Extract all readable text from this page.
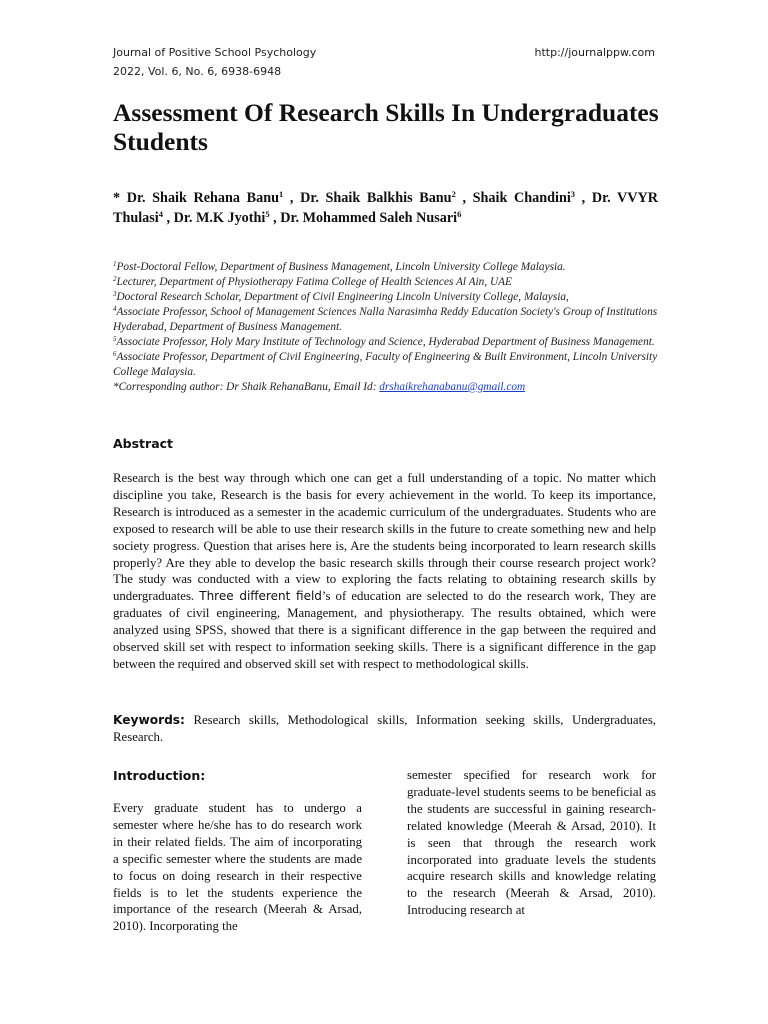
Journal of Positive School Psychology
2022, Vol. 6, No. 6, 6938-6948
http://journalppw.com
Assessment Of Research Skills In Undergraduates Students

* Dr. Shaik Rehana Banu$^1$ , Dr. Shaik Balkhis Banu$^2$ , Shaik Chandini$^3$ , Dr. VVYR Thulasi$^4$ , Dr. M.K Jyothi$^5$ , Dr. Mohammed Saleh Nusari$^6$

$^1$Post-Doctoral Fellow, Department of Business Management, Lincoln University College Malaysia.

$^2$Lecturer, Department of Physiotherapy Fatima College of Health Sciences Al Ain, UAE

$^3$Doctoral Research Scholar, Department of Civil Engineering Lincoln University College, Malaysia,

$^4$Associate Professor, School of Management Sciences Nalla Narasimha Reddy Education Society's Group of Institutions Hyderabad, Department of Business Management.

$^5$Associate Professor, Holy Mary Institute of Technology and Science, Hyderabad Department of Business Management.

$^6$Associate Professor, Department of Civil Engineering, Faculty of Engineering & Built Environment, Lincoln University College Malaysia.

*Corresponding author: Dr Shaik RehanaBanu, Email Id: drshaikrehanabanu@gmail.com

Abstract

Research is the best way through which one can get a full understanding of a topic. No matter which discipline you take, Research is the basis for every achievement in the world. To keep its importance, Research is introduced as a semester in the academic curriculum of the undergraduates. Students who are exposed to research will be able to use their research skills in the future to create something new and help society progress. Question that arises here is, Are the students being incorporated to learn research skills properly? Are they able to develop the basic research skills through their course research project work? The study was conducted with a view to exploring the facts relating to obtaining research skills by undergraduates. Three different field’s of education are selected to do the research work, They are graduates of civil engineering, Management, and physiotherapy. The results obtained, which were analyzed using SPSS, showed that there is a significant difference in the gap between the required and observed skill set with respect to information seeking skills. There is a significant difference in the gap between the required and observed skill set with respect to methodological skills.

Keywords: Research skills, Methodological skills, Information seeking skills, Undergraduates, Research.

Introduction:

Every graduate student has to undergo a semester where he/she has to do research work in their related fields. The aim of incorporating a specific semester where the students are made to focus on doing research in their respective fields is to let the students experience the importance of the research (Meerah & Arsad, 2010). Incorporating the

semester specified for research work for graduate-level students seems to be beneficial as the students are successful in gaining research-related knowledge (Meerah & Arsad, 2010). It is seen that through the research work incorporated into graduate levels the students acquire research skills and knowledge relating to the research (Meerah & Arsad, 2010). Introducing research at
